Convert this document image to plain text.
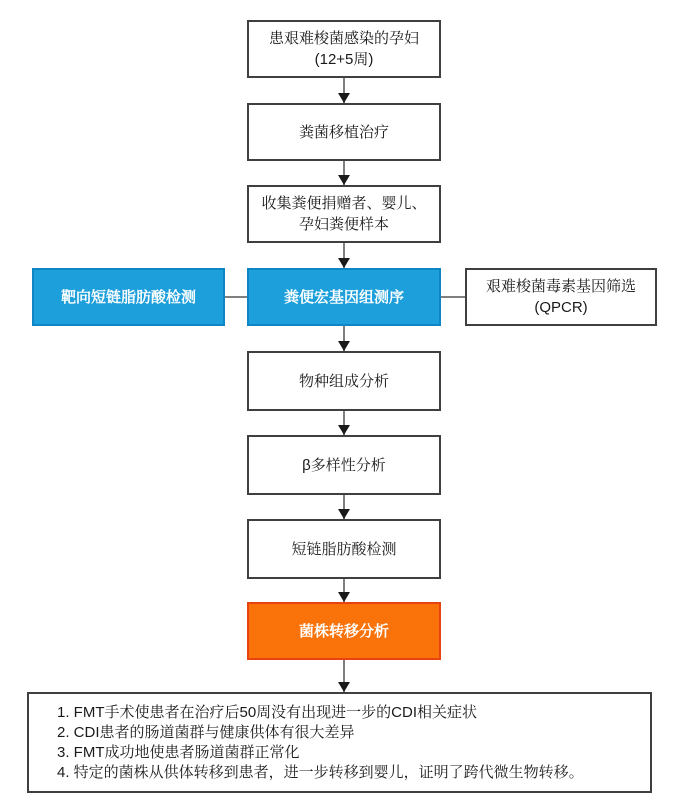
患艰难梭菌感染的孕妇
(12+5周)
粪菌移植治疗
收集粪便捐赠者、婴儿、
孕妇粪便样本
靶向短链脂肪酸检测	粪便宏基因组测序
艰难梭菌毒素基因筛选
(QPCR)
物种组成分析
β多样性分析
短链脂肪酸检测
菌株转移分析
1. FMT手术使患者在治疗后50周没有出现进一步的CDI相关症状
2. CDI患者的肠道菌群与健康供体有很大差异
3. FMT成功地使患者肠道菌群正常化
4. 特定的菌株从供体转移到患者，进一步转移到婴儿，证明了跨代微生物转移。
